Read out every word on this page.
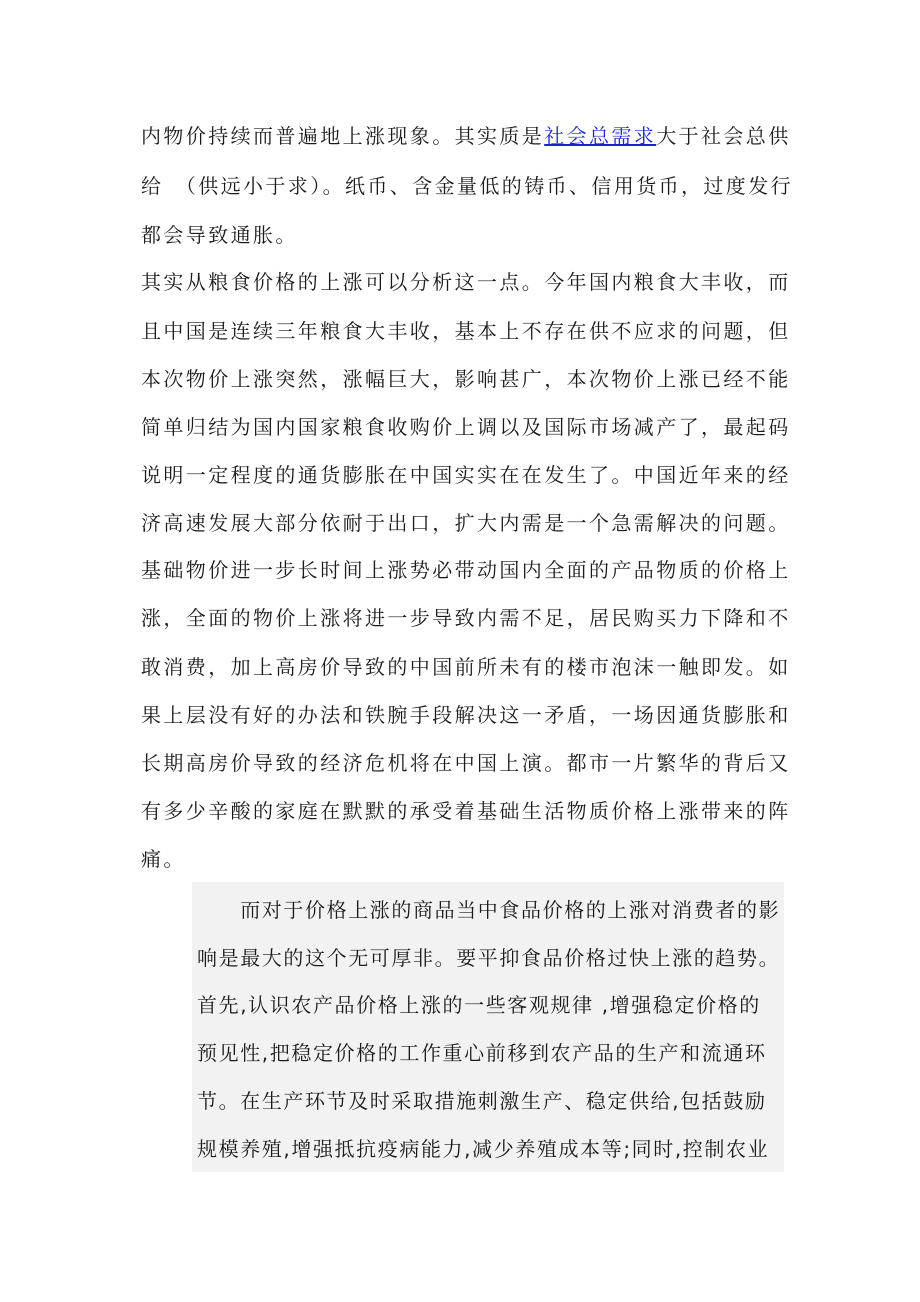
内物价持续而普遍地上涨现象。其实质是社会总需求大于社会总供
给　（供远小于求）。纸币、含金量低的铸币、信用货币，过度发行
都会导致通胀。
其实从粮食价格的上涨可以分析这一点。今年国内粮食大丰收，而
且中国是连续三年粮食大丰收，基本上不存在供不应求的问题，但
本次物价上涨突然，涨幅巨大，影响甚广，本次物价上涨已经不能
简单归结为国内国家粮食收购价上调以及国际市场减产了，最起码
说明一定程度的通货膨胀在中国实实在在发生了。中国近年来的经
济高速发展大部分依耐于出口，扩大内需是一个急需解决的问题。
基础物价进一步长时间上涨势必带动国内全面的产品物质的价格上
涨，全面的物价上涨将进一步导致内需不足，居民购买力下降和不
敢消费，加上高房价导致的中国前所未有的楼市泡沫一触即发。如
果上层没有好的办法和铁腕手段解决这一矛盾，一场因通货膨胀和
长期高房价导致的经济危机将在中国上演。都市一片繁华的背后又
有多少辛酸的家庭在默默的承受着基础生活物质价格上涨带来的阵
痛。
　　而对于价格上涨的商品当中食品价格的上涨对消费者的影
响是最大的这个无可厚非。要平抑食品价格过快上涨的趋势。
首先,认识农产品价格上涨的一些客观规律 ,增强稳定价格的
预见性,把稳定价格的工作重心前移到农产品的生产和流通环
节。在生产环节及时采取措施刺激生产、稳定供给,包括鼓励
规模养殖,增强抵抗疫病能力,减少养殖成本等;同时,控制农业
